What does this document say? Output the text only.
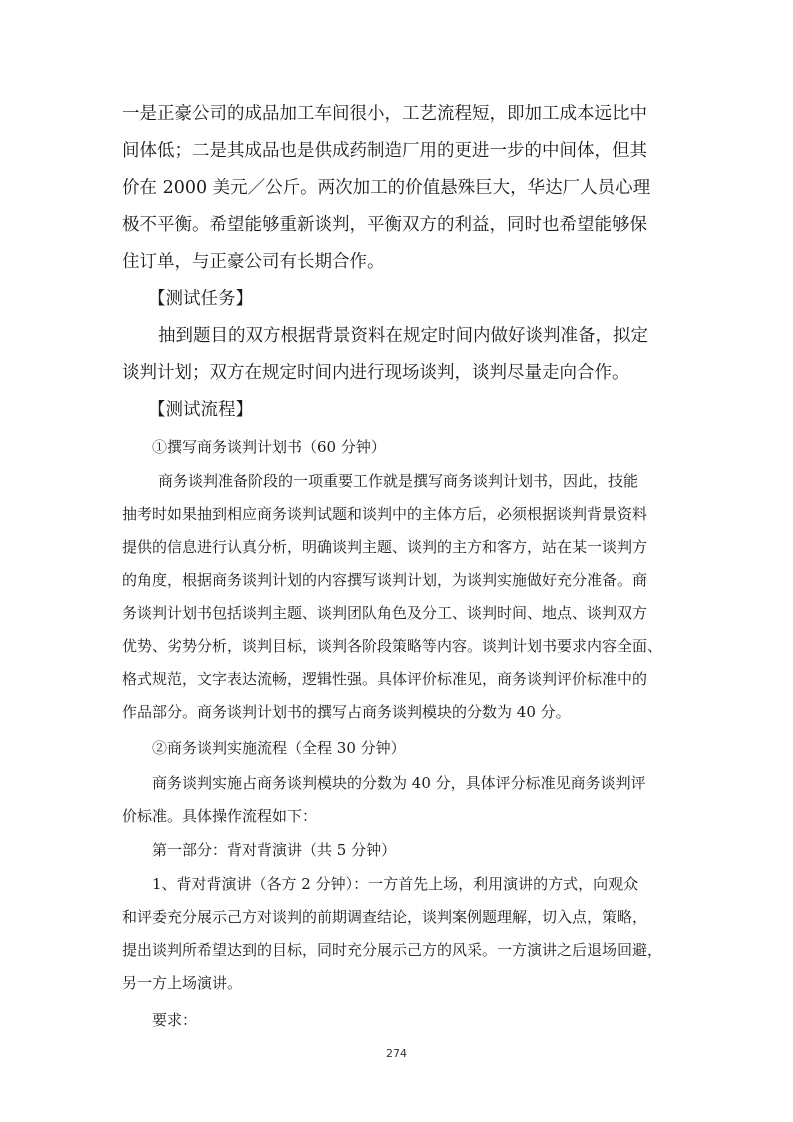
一是正豪公司的成品加工车间很小，工艺流程短，即加工成本远比中
间体低；二是其成品也是供成药制造厂用的更进一步的中间体，但其
价在 2000 美元／公斤。两次加工的价值悬殊巨大，华达厂人员心理
极不平衡。希望能够重新谈判，平衡双方的利益，同时也希望能够保
住订单，与正豪公司有长期合作。
【测试任务】
抽到题目的双方根据背景资料在规定时间内做好谈判准备，拟定
谈判计划；双方在规定时间内进行现场谈判，谈判尽量走向合作。
【测试流程】
①撰写商务谈判计划书（60 分钟）
商务谈判准备阶段的一项重要工作就是撰写商务谈判计划书，因此，技能
抽考时如果抽到相应商务谈判试题和谈判中的主体方后，必须根据谈判背景资料
提供的信息进行认真分析，明确谈判主题、谈判的主方和客方，站在某一谈判方
的角度，根据商务谈判计划的内容撰写谈判计划，为谈判实施做好充分准备。商
务谈判计划书包括谈判主题、谈判团队角色及分工、谈判时间、地点、谈判双方
优势、劣势分析，谈判目标，谈判各阶段策略等内容。谈判计划书要求内容全面、
格式规范，文字表达流畅，逻辑性强。具体评价标准见，商务谈判评价标准中的
作品部分。商务谈判计划书的撰写占商务谈判模块的分数为 40 分。
②商务谈判实施流程（全程 30 分钟）
商务谈判实施占商务谈判模块的分数为 40 分，具体评分标准见商务谈判评
价标准。具体操作流程如下：
第一部分：背对背演讲（共 5 分钟）
1、背对背演讲（各方 2 分钟）：一方首先上场，利用演讲的方式，向观众
和评委充分展示己方对谈判的前期调查结论，谈判案例题理解，切入点，策略，
提出谈判所希望达到的目标，同时充分展示己方的风采。一方演讲之后退场回避，
另一方上场演讲。
要求：
274
